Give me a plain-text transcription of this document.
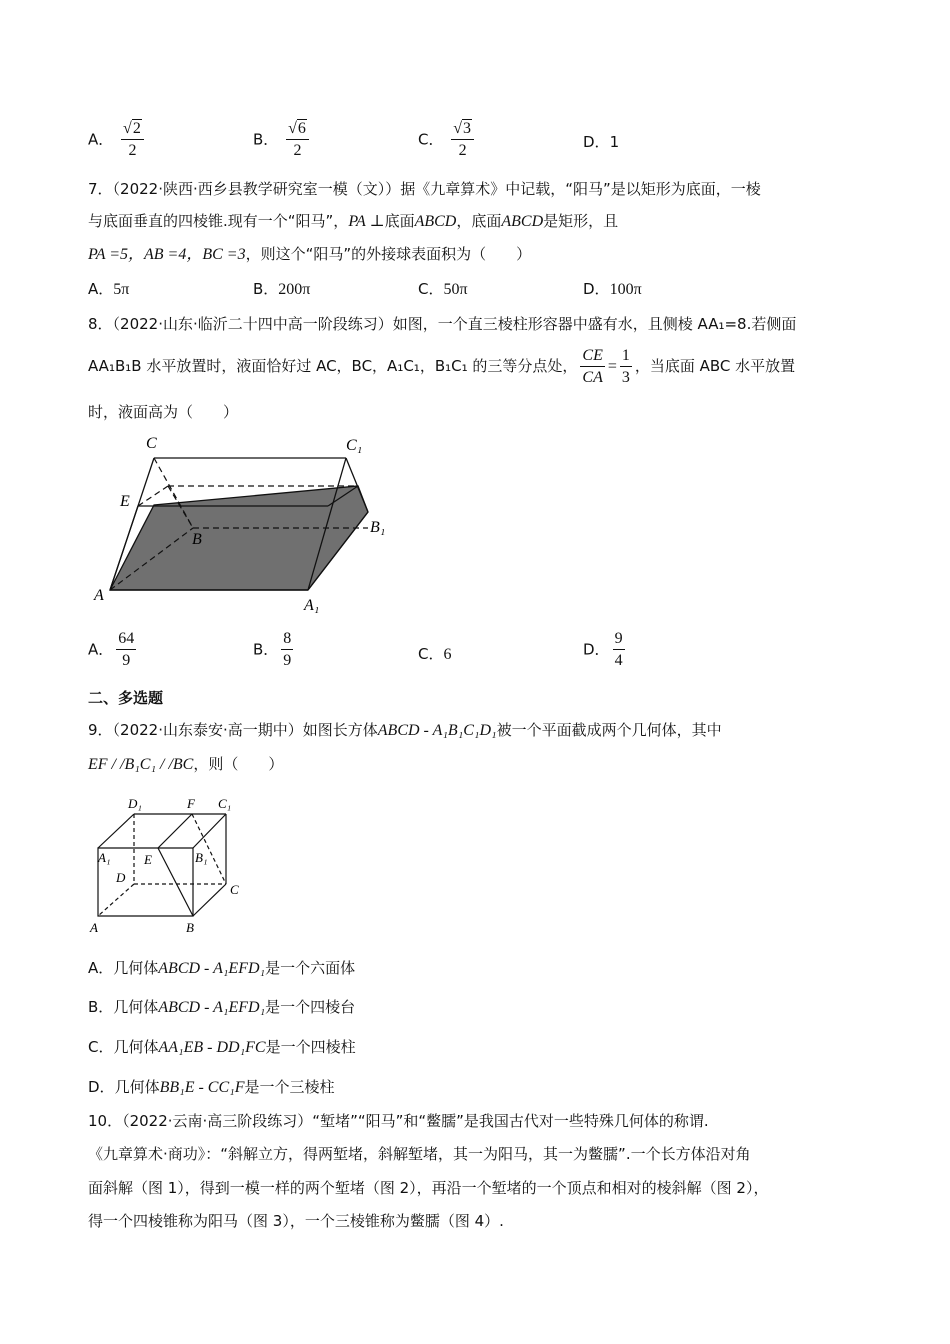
A． $\frac{√2}{2}$	B． $\frac{√6}{2}$	C． $\frac{√3}{2}$	D．1
7．（2022·陕西·西乡县教学研究室一模（文））据《九章算术》中记载，“阳马”是以矩形为底面，一棱
与底面垂直的四棱锥.现有一个“阳马”，PA ⊥底面ABCD，底面ABCD是矩形，且
PA =5，AB =4，BC =3，则这个“阳马”的外接球表面积为（　　）
A．5π	B．200π	C．50π	D．100π
8．（2022·山东·临沂二十四中高一阶段练习）如图，一个直三棱柱形容器中盛有水，且侧棱 AA₁=8.若侧面
AA₁B₁B 水平放置时，液面恰好过 AC，BC，A₁C₁，B₁C₁ 的三等分点处， $\frac{CE}{CA} = \frac{1}{3}$ ，当底面 ABC 水平放置
时，液面高为（　　）
C	C₁
E
B
B₁
A
A₁
A． $\frac{64}{9}$	B． $\frac{8}{9}$	C．6	D． $\frac{9}{4}$
二、多选题
9．（2022·山东泰安·高一期中）如图长方体ABCD - A₁B₁C₁D₁被一个平面截成两个几何体，其中
EF / /B₁C₁ / /BC，则（　　）
D₁	F C₁
A₁	E	B₁
D
C
A	B
A．几何体ABCD - A₁EFD₁是一个六面体
B．几何体ABCD - A₁EFD₁是一个四棱台
C．几何体AA₁EB - DD₁FC是一个四棱柱
D．几何体BB₁E - CC₁F是一个三棱柱
10．（2022·云南·高三阶段练习）“堑堵”“阳马”和“鳖臑”是我国古代对一些特殊几何体的称谓.
《九章算术·商功》：“斜解立方，得两堑堵，斜解堑堵，其一为阳马，其一为鳖臑”.一个长方体沿对角
面斜解（图 1），得到一模一样的两个堑堵（图 2），再沿一个堑堵的一个顶点和相对的棱斜解（图 2），
得一个四棱锥称为阳马（图 3），一个三棱锥称为鳖臑（图 4）.
